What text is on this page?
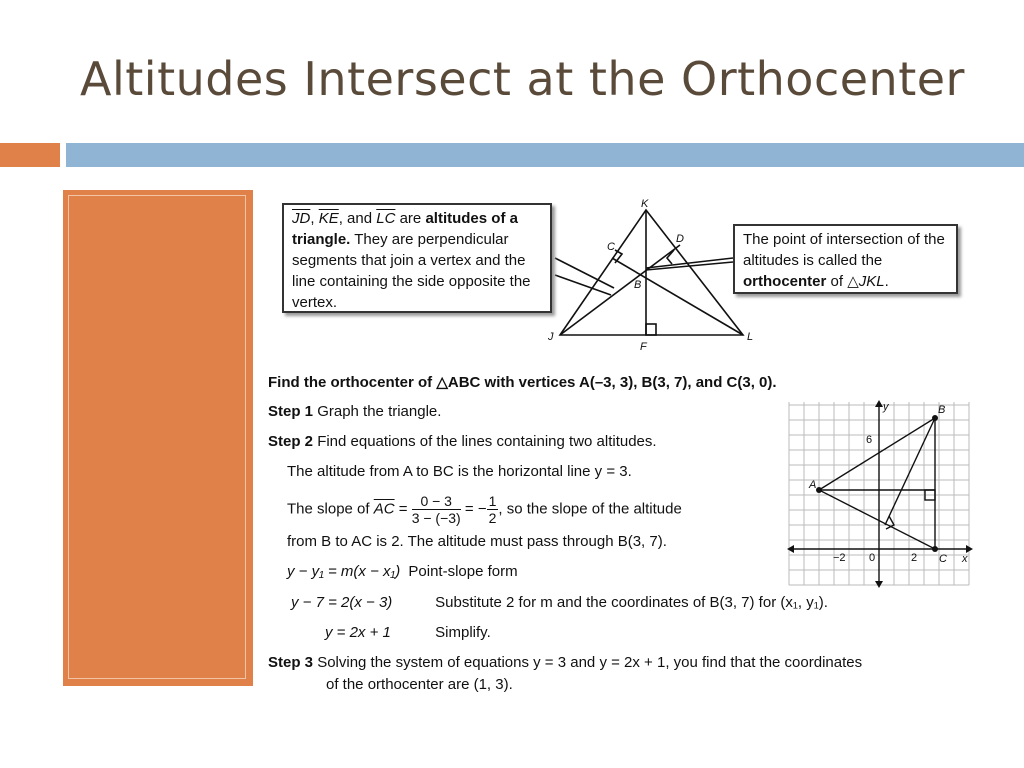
Altitudes Intersect at the Orthocenter
K
D
C
B
J	L
F
$\overline{JD}$, $\overline{KE}$, and $\overline{LC}$ are altitudes of a triangle. They are perpendicular segments that join a vertex and the line containing the side opposite the vertex.
The point of intersection of the altitudes is called the orthocenter of △JKL.
Find the orthocenter of △ABC with vertices A(–3, 3), B(3, 7), and C(3, 0).
Step 1 Graph the triangle.
Step 2 Find equations of the lines containing two altitudes.
The altitude from A to BC is the horizontal line y = 3.
The slope of $\overline{AC} = \frac{0 - 3}{3 - (-3)}$ = − $\frac{1}{2}$ , so the slope of the altitude
from B to AC is 2. The altitude must pass through B(3, 7).
y − y₁ = m(x − x₁) Point-slope form
y − 7 = 2(x − 3)	Substitute 2 for m and the coordinates of B(3, 7) for (x₁, y₁).
y = 2x + 1	Simplify.
Step 3 Solving the system of equations y = 3 and y = 2x + 1, you find that the coordinates
of the orthocenter are (1, 3).
y
x
6
−2 0	2
A
B
C
